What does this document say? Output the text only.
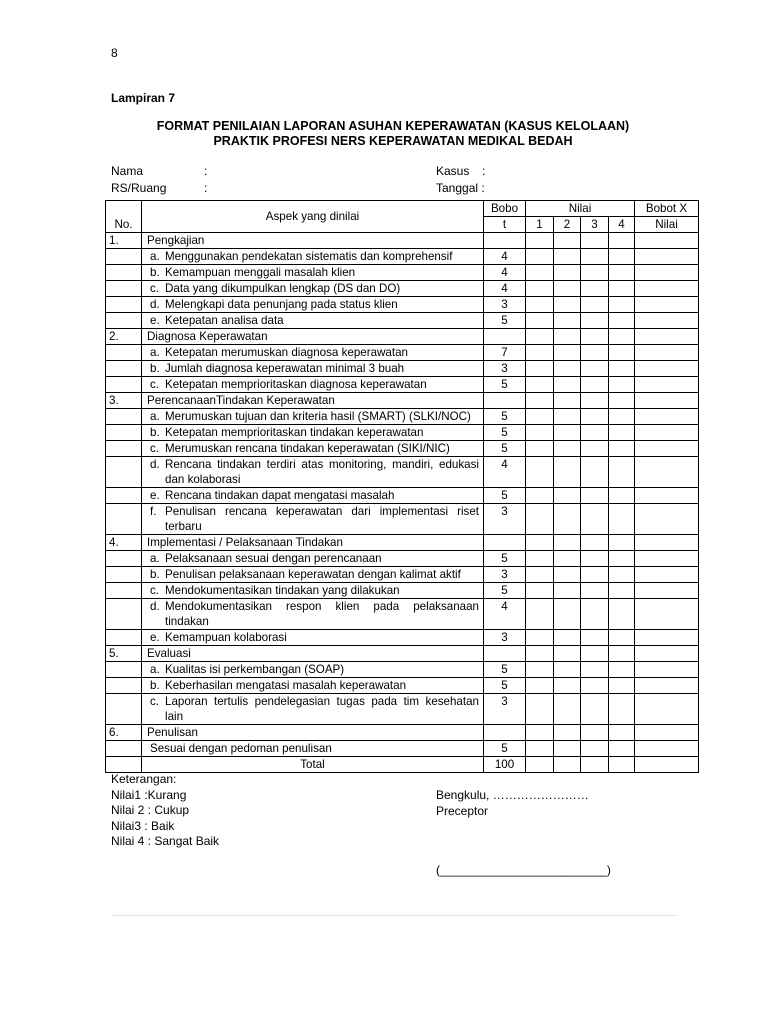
8
Lampiran 7
FORMAT PENILAIAN LAPORAN ASUHAN KEPERAWATAN (KASUS KELOLAAN)
PRAKTIK PROFESI NERS KEPERAWATAN MEDIKAL BEDAH
Nama	:	Kasus :
RS/Ruang	:	Tanggal :
No.	Aspek yang dinilai	Bobo	Nilai				Bobot X
		t	1	2	3	4	Nilai
1.	Pengkajian						
	a. Menggunakan pendekatan sistematis dan komprehensif	4					
	b. Kemampuan menggali masalah klien	4					
	c. Data yang dikumpulkan lengkap (DS dan DO)	4					
	d. Melengkapi data penunjang pada status klien	3					
	e. Ketepatan analisa data	5					
2.	Diagnosa Keperawatan						
	a. Ketepatan merumuskan diagnosa keperawatan	7					
	b. Jumlah diagnosa keperawatan minimal 3 buah	3					
	c. Ketepatan memprioritaskan diagnosa keperawatan	5					
3.	PerencanaanTindakan Keperawatan						
	a. Merumuskan tujuan dan kriteria hasil (SMART) (SLKI/NOC)	5					
	b. Ketepatan memprioritaskan tindakan keperawatan	5					
	c. Merumuskan rencana tindakan keperawatan (SIKI/NIC)	5					
	d. Rencana tindakan terdiri atas monitoring, mandiri, edukasi dan kolaborasi	4					
	e. Rencana tindakan dapat mengatasi masalah	5					
	f. Penulisan rencana keperawatan dari implementasi riset terbaru	3					
4.	Implementasi / Pelaksanaan Tindakan						
	a. Pelaksanaan sesuai dengan perencanaan	5					
	b. Penulisan pelaksanaan keperawatan dengan kalimat aktif	3					
	c. Mendokumentasikan tindakan yang dilakukan	5					
	d. Mendokumentasikan respon klien pada pelaksanaan tindakan	4					
	e. Kemampuan kolaborasi	3					
5.	Evaluasi						
	a. Kualitas isi perkembangan (SOAP)	5					
	b. Keberhasilan mengatasi masalah keperawatan	5					
	c. Laporan tertulis pendelegasian tugas pada tim kesehatan lain	3					
6.	Penulisan						
	Sesuai dengan pedoman penulisan	5					
	Total	100					
Keterangan:
Nilai1 :Kurang
Nilai 2 : Cukup
Nilai3 : Baik
Nilai 4 : Sangat Baik
Bengkulu, ……………………
Preceptor
(_________________________)
